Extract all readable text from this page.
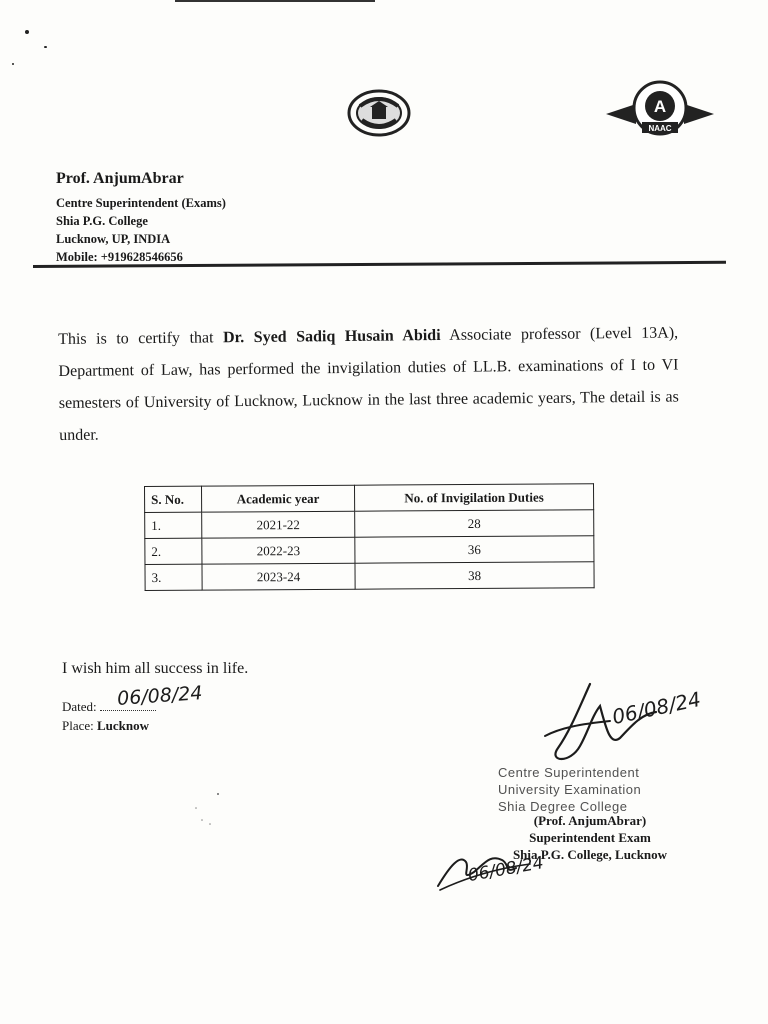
A
NAAC

Prof. AnjumAbrar

Centre Superintendent (Exams)

Shia P.G. College

Lucknow, UP, INDIA

Mobile: +919628546656

This is to certify that Dr. Syed Sadiq Husain Abidi Associate professor (Level 13A), Department of Law, has performed the invigilation duties of LL.B. examinations of I to VI semesters of University of Lucknow, Lucknow in the last three academic years, The detail is as under.

S. No.	Academic year	No. of Invigilation Duties
1.	2021-22	28
2.	2022-23	36
3.	2023-24	38
I wish him all success in life.
Dated: 06/08/24
Place: Lucknow

Centre Superintendent

University Examination

Shia Degree College

(Prof. AnjumAbrar)

Superintendent Exam

Shia P.G. College, Lucknow

06/08/24
06/08/24
